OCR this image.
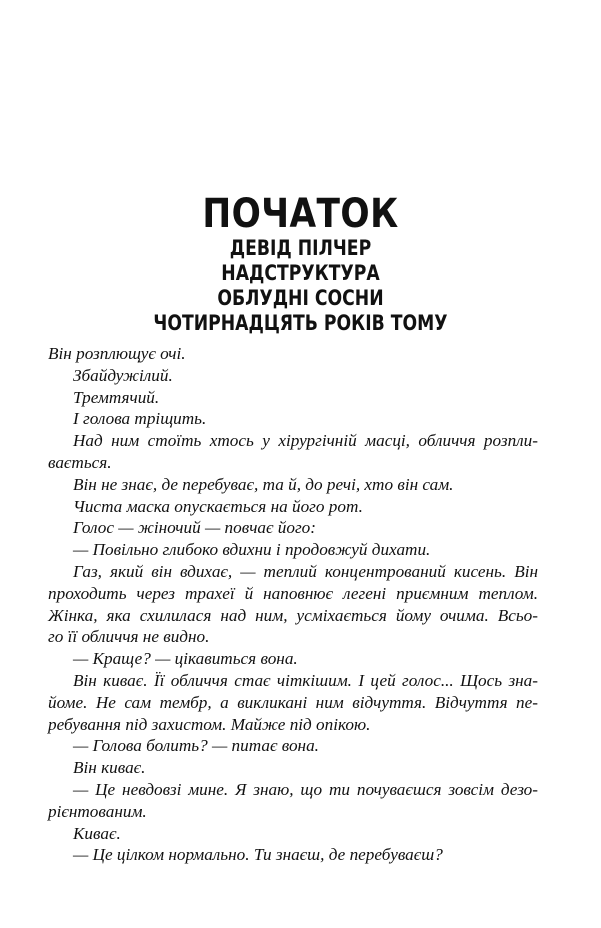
ПОЧАТОК
ДЕВІД ПІЛЧЕР
НАДСТРУКТУРА
ОБЛУДНІ СОСНИ
ЧОТИРНАДЦЯТЬ РОКІВ ТОМУ
Він розплющує очі.
Збайдужілий.
Тремтячий.
І голова тріщить.
Над ним стоїть хтось у хірургічній масці, обличчя розпли-
вається.
Він не знає, де перебуває, та й, до речі, хто він сам.
Чиста маска опускається на його рот.
Голос — жіночий — повчає його:
— Повільно глибоко вдихни і продовжуй дихати.
Газ, який він вдихає, — теплий концентрований кисень. Він
проходить через трахеї й наповнює легені приємним теплом.
Жінка, яка схилилася над ним, усміхається йому очима. Всьо-
го її обличчя не видно.
— Краще? — цікавиться вона.
Він киває. Її обличчя стає чіткішим. І цей голос... Щось зна-
йоме. Не сам тембр, а викликані ним відчуття. Відчуття пе-
ребування під захистом. Майже під опікою.
— Голова болить? — питає вона.
Він киває.
— Це невдовзі мине. Я знаю, що ти почуваєшся зовсім дезо-
рієнтованим.
Киває.
— Це цілком нормально. Ти знаєш, де перебуваєш?
